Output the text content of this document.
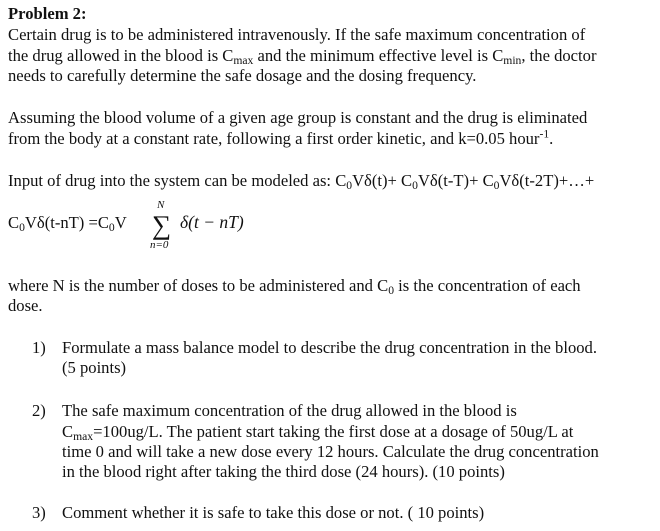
Problem 2:
Certain drug is to be administered intravenously. If the safe maximum concentration of
the drug allowed in the blood is $C_{max}$ and the minimum effective level is $C_{min}$, the doctor
needs to carefully determine the safe dosage and the dosing frequency.
Assuming the blood volume of a given age group is constant and the drug is eliminated
from the body at a constant rate, following a first order kinetic, and k=0.05 hour$^{-1}$.
Input of drug into the system can be modeled as: $C_0V\delta(t)+ C_0V\delta(t-T)+$ $C_0V\delta(t-2T)+\dots+$
$C_0V\delta(t-nT) =C_0V$
N
∑
n=0
δ(t − nT)
where N is the number of doses to be administered and $C_0$ is the concentration of each
dose.
1) Formulate a mass balance model to describe the drug concentration in the blood.
(5 points)
2) The safe maximum concentration of the drug allowed in the blood is
$C_{max}=100ug/L$. The patient start taking the first dose at a dosage of 50ug/L at
time 0 and will take a new dose every 12 hours. Calculate the drug concentration
in the blood right after taking the third dose (24 hours). (10 points)
3) Comment whether it is safe to take this dose or not. ( 10 points)
